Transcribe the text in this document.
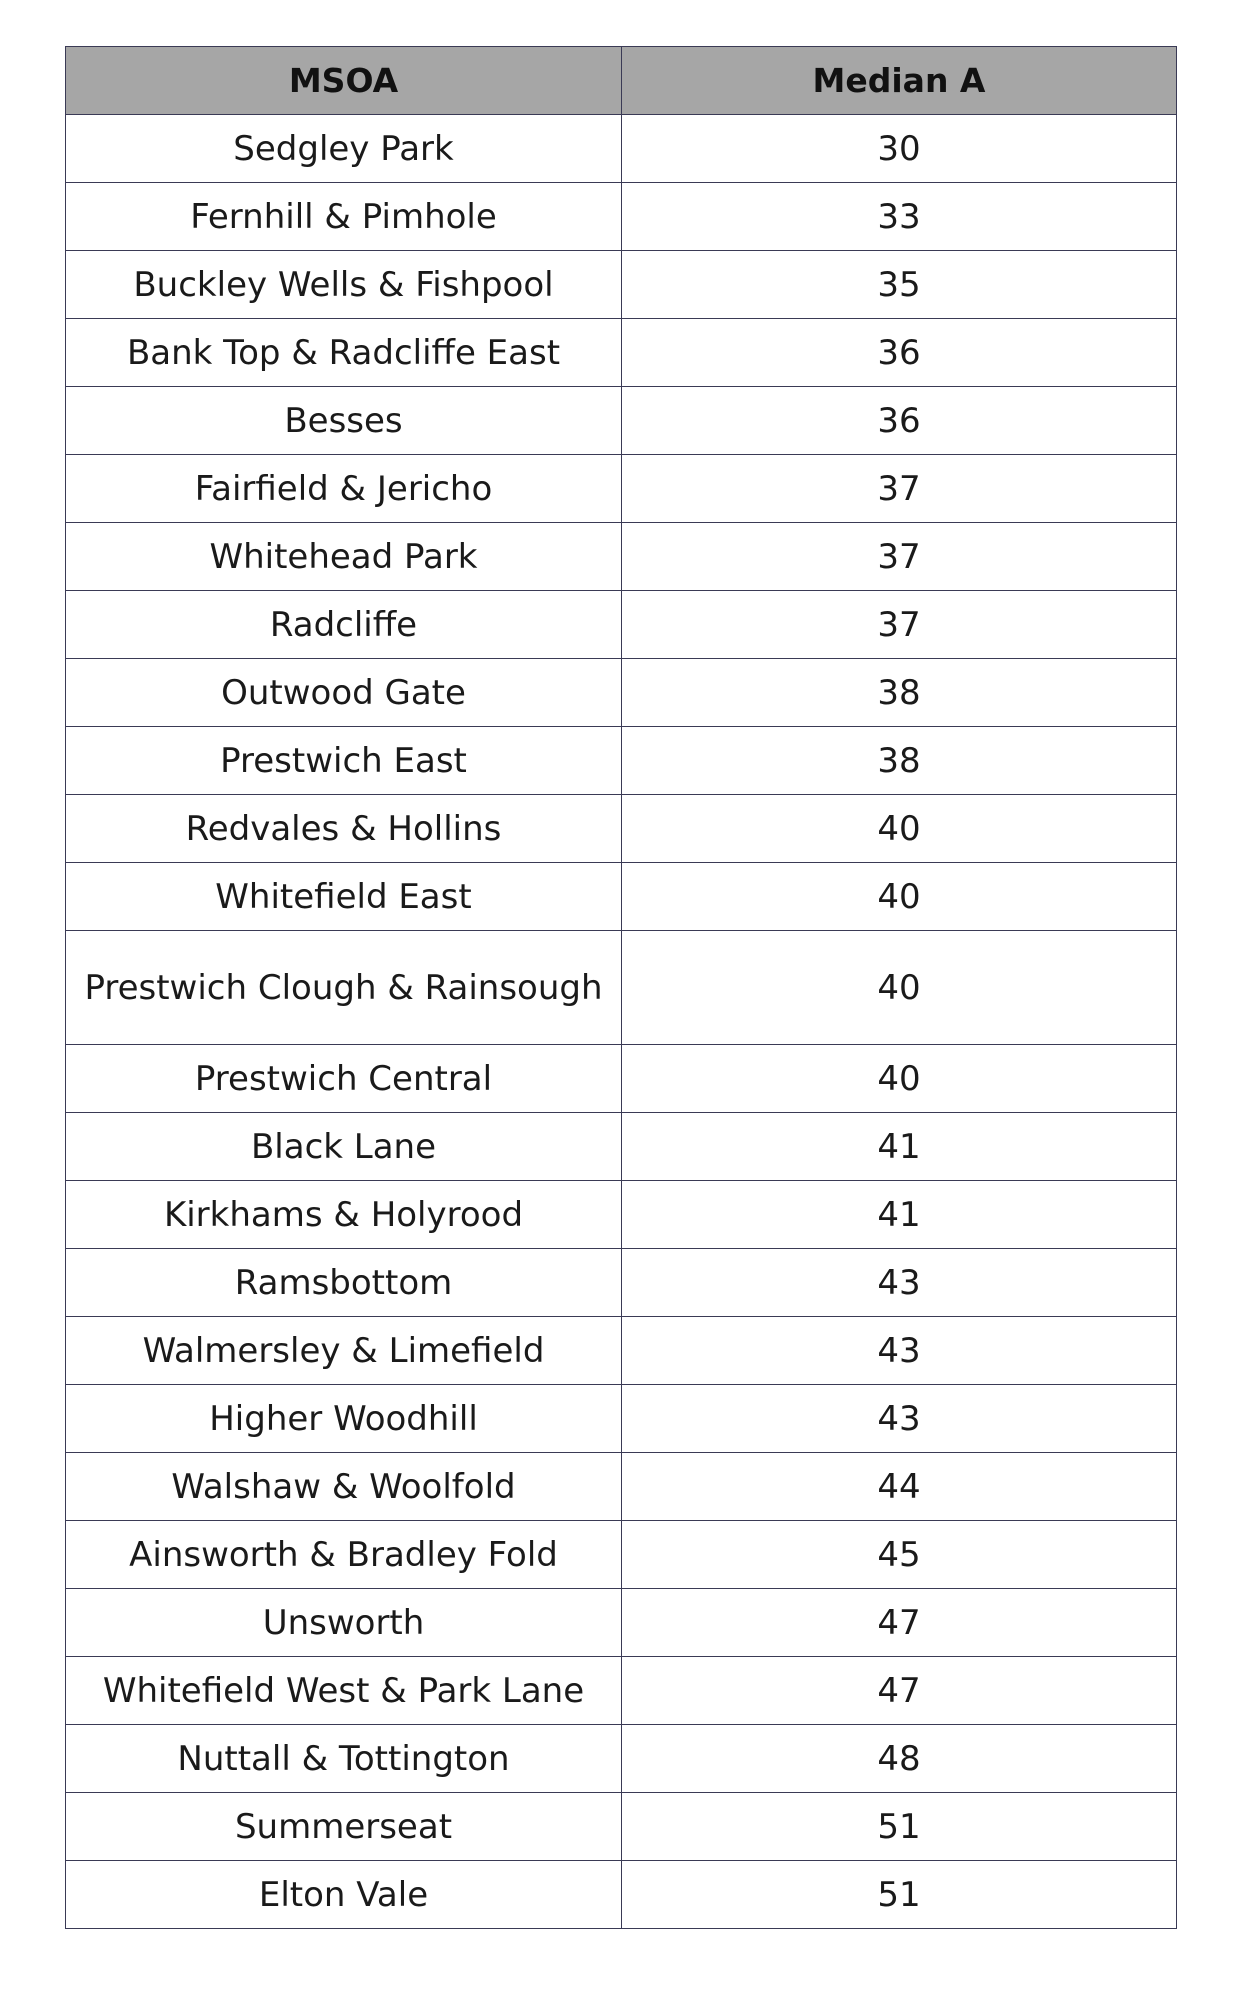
MSOA	Median A
Sedgley Park	30
Fernhill & Pimhole	33
Buckley Wells & Fishpool	35
Bank Top & Radcliffe East	36
Besses	36
Fairfield & Jericho	37
Whitehead Park	37
Radcliffe	37
Outwood Gate	38
Prestwich East	38
Redvales & Hollins	40
Whitefield East	40
Prestwich Clough & Rainsough	40
Prestwich Central	40
Black Lane	41
Kirkhams & Holyrood	41
Ramsbottom	43
Walmersley & Limefield	43
Higher Woodhill	43
Walshaw & Woolfold	44
Ainsworth & Bradley Fold	45
Unsworth	47
Whitefield West & Park Lane	47
Nuttall & Tottington	48
Summerseat	51
Elton Vale	51
